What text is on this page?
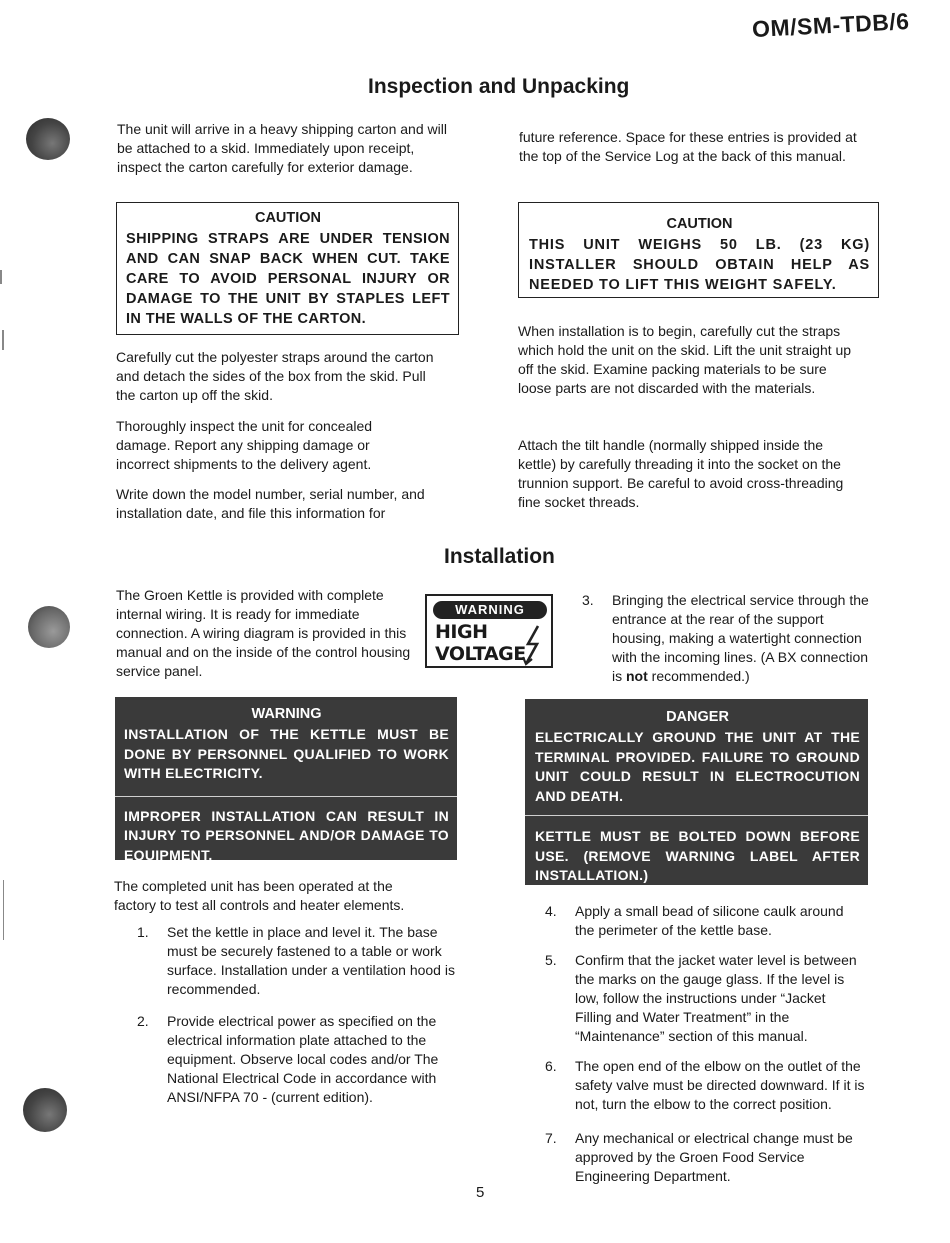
OM/SM-TDB/6
Inspection and Unpacking

The unit will arrive in a heavy shipping carton and will be attached to a skid. Immediately upon receipt, inspect the carton carefully for exterior damage.

CAUTION
SHIPPING STRAPS ARE UNDER TENSION AND CAN SNAP BACK WHEN CUT. TAKE CARE TO AVOID PERSONAL INJURY OR DAMAGE TO THE UNIT BY STAPLES LEFT IN THE WALLS OF THE CARTON.

Carefully cut the polyester straps around the carton and detach the sides of the box from the skid. Pull the carton up off the skid.

Thoroughly inspect the unit for concealed damage. Report any shipping damage or incorrect shipments to the delivery agent.

Write down the model number, serial number, and installation date, and file this information for

future reference. Space for these entries is provided at the top of the Service Log at the back of this manual.

CAUTION
THIS UNIT WEIGHS 50 LB. (23 KG) INSTALLER SHOULD OBTAIN HELP AS NEEDED TO LIFT THIS WEIGHT SAFELY.

When installation is to begin, carefully cut the straps which hold the unit on the skid. Lift the unit straight up off the skid. Examine packing materials to be sure loose parts are not discarded with the materials.

Attach the tilt handle (normally shipped inside the kettle) by carefully threading it into the socket on the trunnion support. Be careful to avoid cross-threading fine socket threads.

Installation

The Groen Kettle is provided with complete internal wiring. It is ready for immediate connection. A wiring diagram is provided in this manual and on the inside of the control housing service panel.

WARNING
HIGH
VOLTAGE
3. Bringing the electrical service through the entrance at the rear of the support housing, making a watertight connection with the incoming lines. (A BX connection is not recommended.)
WARNING
INSTALLATION OF THE KETTLE MUST BE DONE BY PERSONNEL QUALIFIED TO WORK WITH ELECTRICITY.
IMPROPER INSTALLATION CAN RESULT IN INJURY TO PERSONNEL AND/OR DAMAGE TO EQUIPMENT.
DANGER
ELECTRICALLY GROUND THE UNIT AT THE TERMINAL PROVIDED. FAILURE TO GROUND UNIT COULD RESULT IN ELECTROCUTION AND DEATH.
KETTLE MUST BE BOLTED DOWN BEFORE USE. (REMOVE WARNING LABEL AFTER INSTALLATION.)

The completed unit has been operated at the factory to test all controls and heater elements.

1. Set the kettle in place and level it. The base must be securely fastened to a table or work surface. Installation under a ventilation hood is recommended.
2. Provide electrical power as specified on the electrical information plate attached to the equipment. Observe local codes and/or The National Electrical Code in accordance with ANSI/NFPA 70 - (current edition).
4. Apply a small bead of silicone caulk around the perimeter of the kettle base.
5. Confirm that the jacket water level is between the marks on the gauge glass. If the level is low, follow the instructions under “Jacket Filling and Water Treatment” in the “Maintenance” section of this manual.
6. The open end of the elbow on the outlet of the safety valve must be directed downward. If it is not, turn the elbow to the correct position.
7. Any mechanical or electrical change must be approved by the Groen Food Service Engineering Department.
5
